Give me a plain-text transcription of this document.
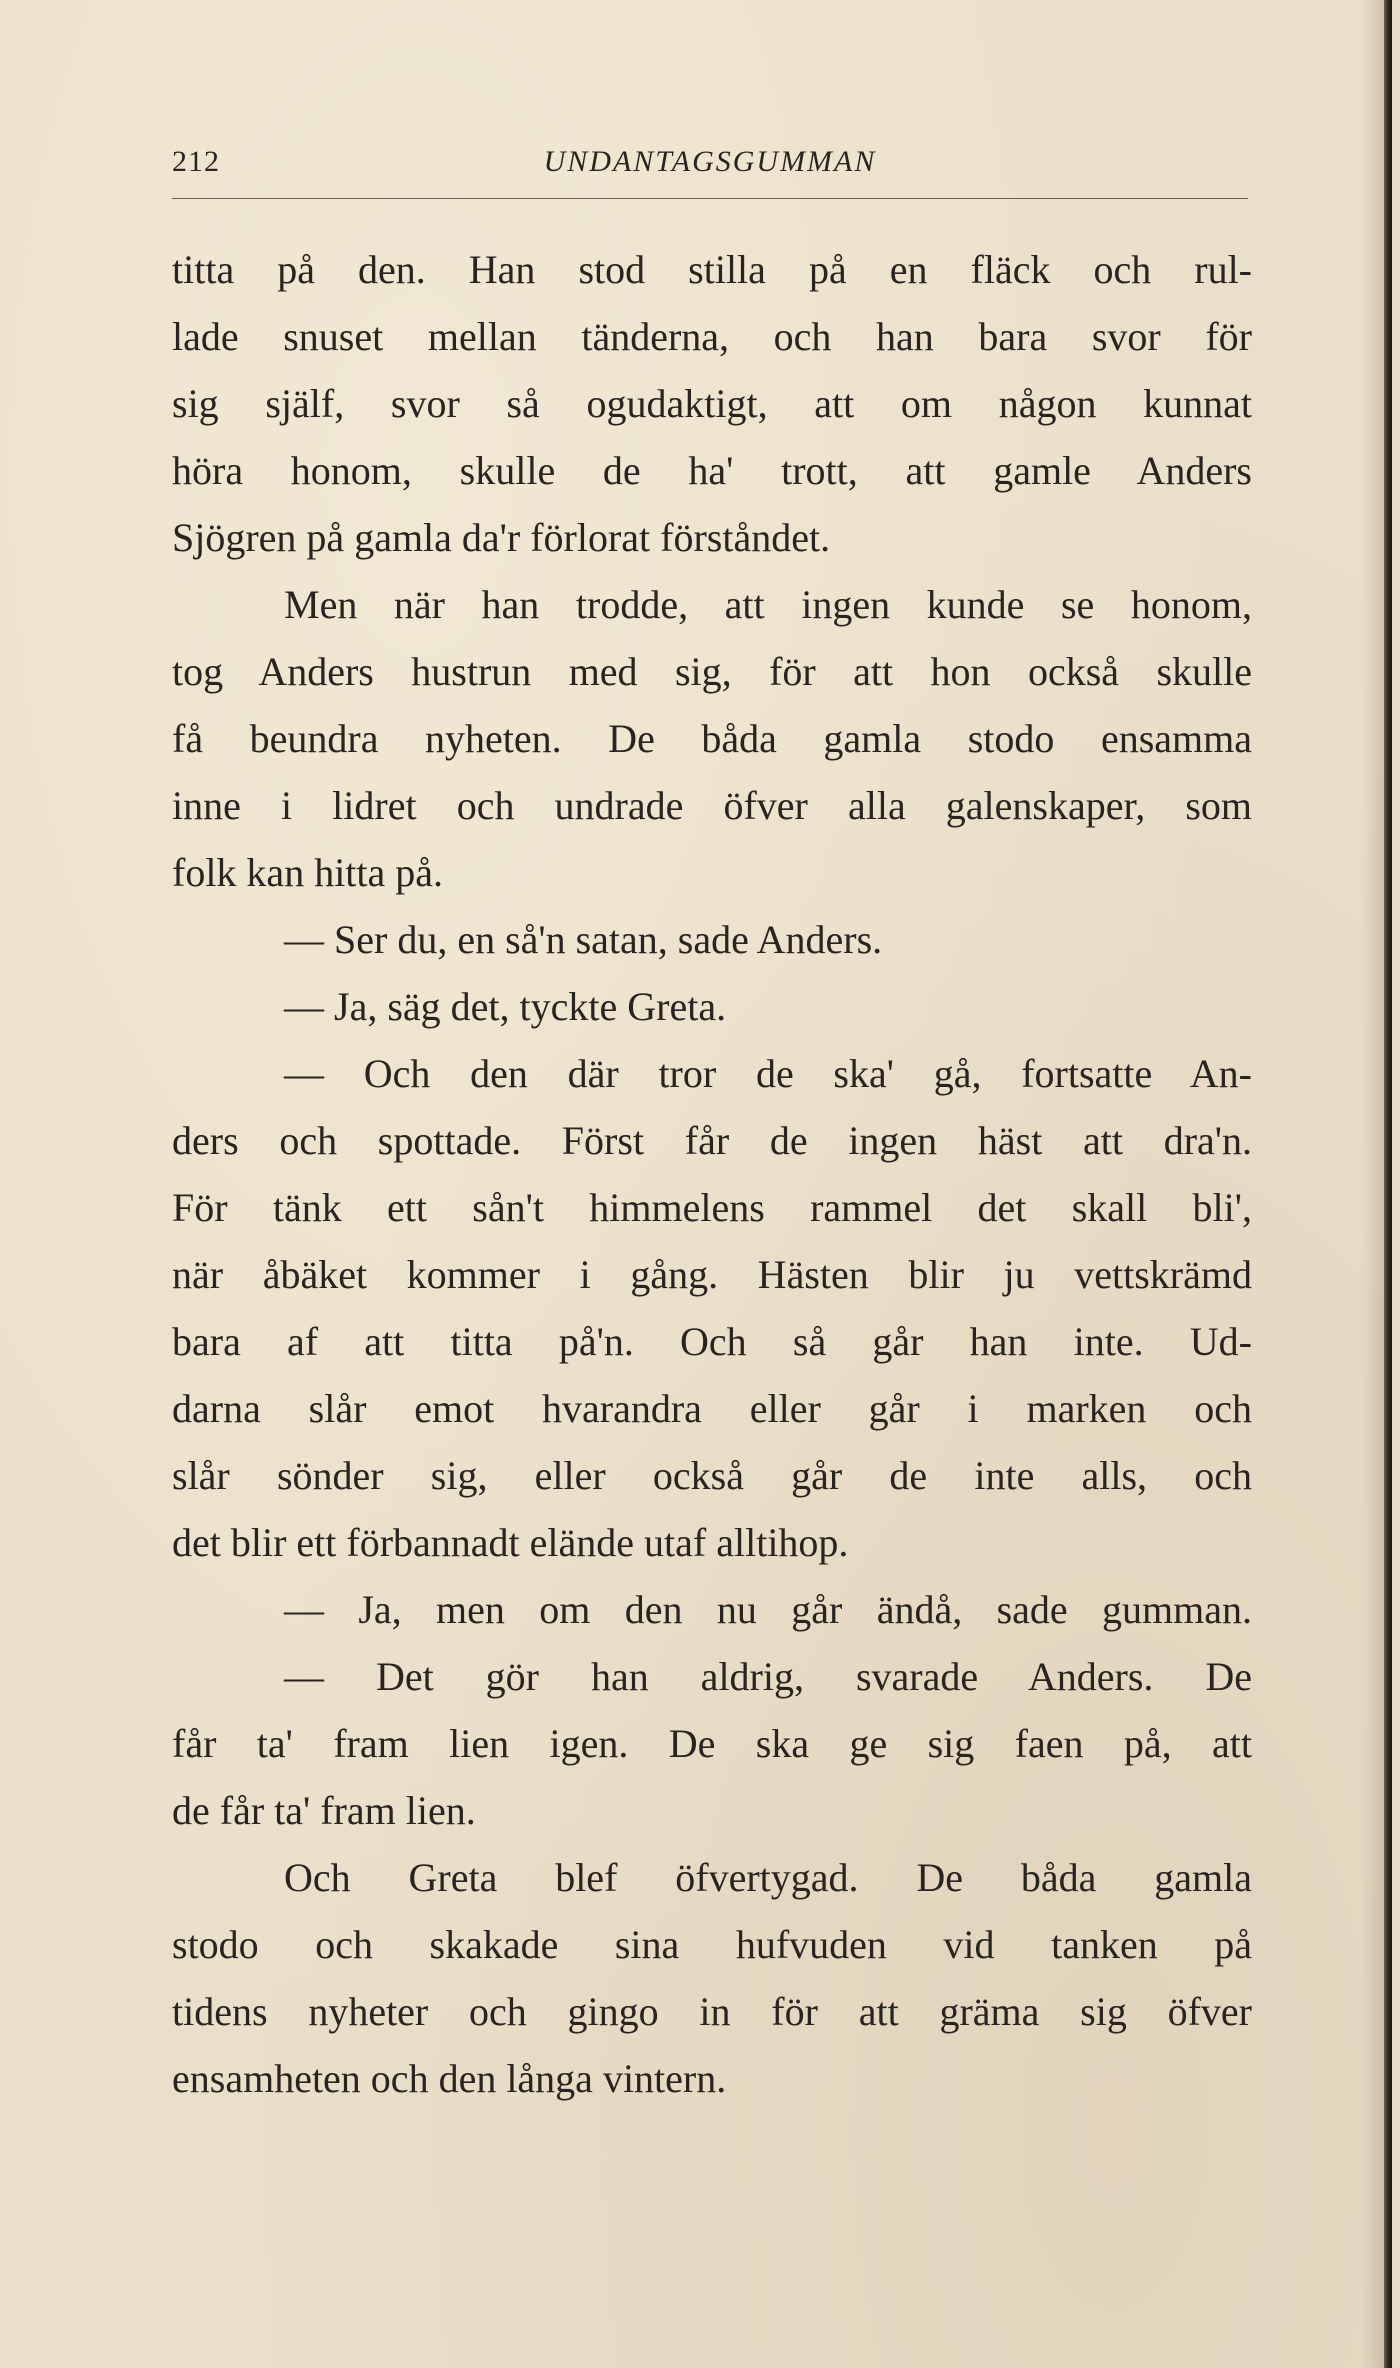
212	UNDANTAGSGUMMAN
titta på den. Han stod stilla på en fläck och rul-
lade snuset mellan tänderna, och han bara svor för
sig själf, svor så ogudaktigt, att om någon kunnat
höra honom, skulle de ha' trott, att gamle Anders
Sjögren på gamla da'r förlorat förståndet.
Men när han trodde, att ingen kunde se honom,
tog Anders hustrun med sig, för att hon också skulle
få beundra nyheten. De båda gamla stodo ensamma
inne i lidret och undrade öfver alla galenskaper, som
folk kan hitta på.
— Ser du, en så'n satan, sade Anders.
— Ja, säg det, tyckte Greta.
— Och den där tror de ska' gå, fortsatte An-
ders och spottade. Först får de ingen häst att dra'n.
För tänk ett sån't himmelens rammel det skall bli',
när åbäket kommer i gång. Hästen blir ju vettskrämd
bara af att titta på'n. Och så går han inte. Ud-
darna slår emot hvarandra eller går i marken och
slår sönder sig, eller också går de inte alls, och
det blir ett förbannadt elände utaf alltihop.
— Ja, men om den nu går ändå, sade gumman.
— Det gör han aldrig, svarade Anders. De
får ta' fram lien igen. De ska ge sig faen på, att
de får ta' fram lien.
Och Greta blef öfvertygad. De båda gamla
stodo och skakade sina hufvuden vid tanken på
tidens nyheter och gingo in för att gräma sig öfver
ensamheten och den långa vintern.
